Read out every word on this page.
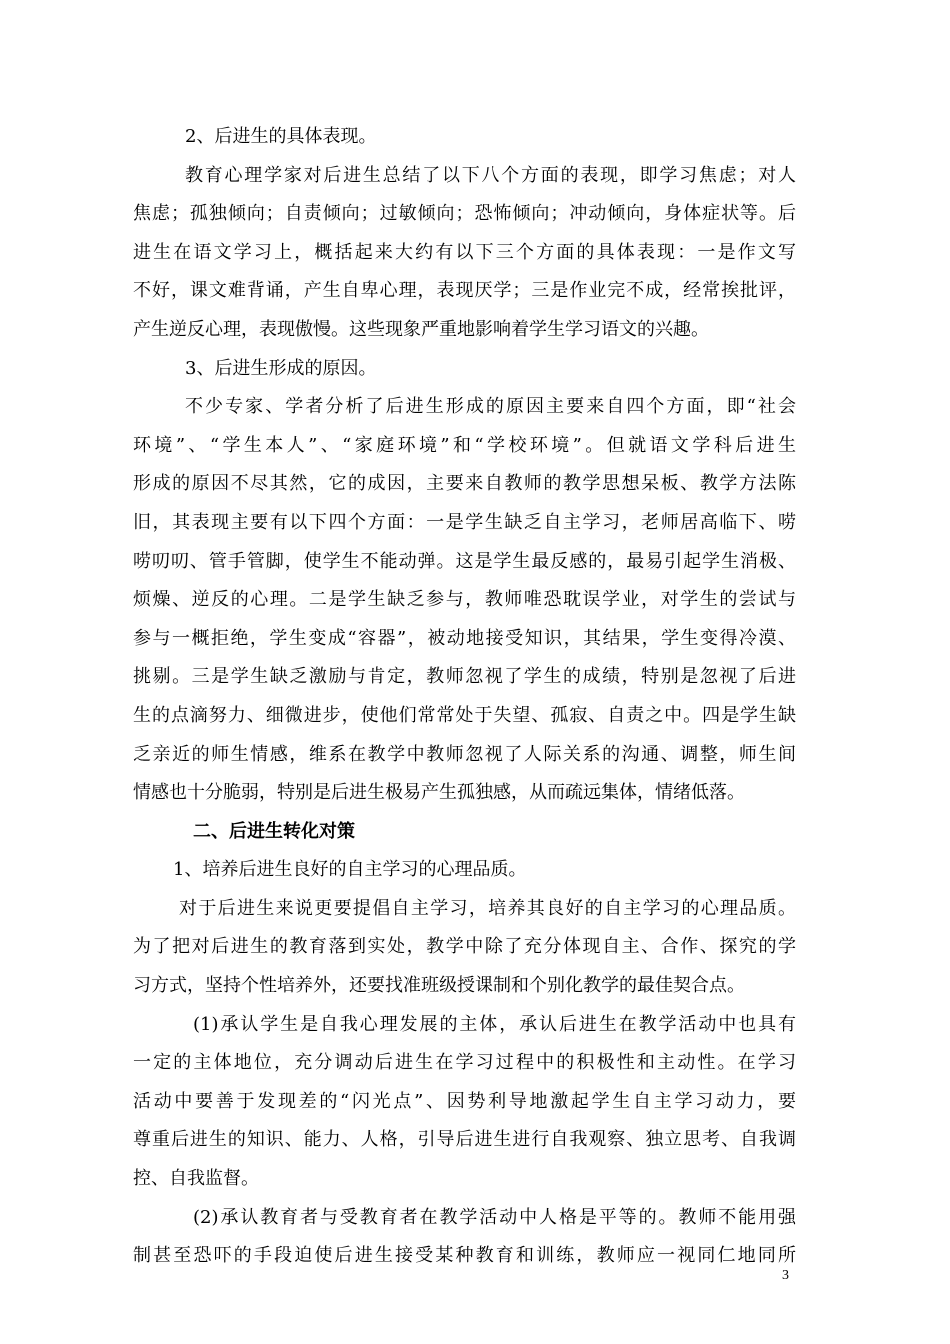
2、后进生的具体表现。
教育心理学家对后进生总结了以下八个方面的表现，即学习焦虑；对人
焦虑；孤独倾向；自责倾向；过敏倾向；恐怖倾向；冲动倾向，身体症状等。后
进生在语文学习上，概括起来大约有以下三个方面的具体表现：一是作文写
不好，课文难背诵，产生自卑心理，表现厌学；三是作业完不成，经常挨批评，
产生逆反心理，表现傲慢。这些现象严重地影响着学生学习语文的兴趣。
3、后进生形成的原因。
不少专家、学者分析了后进生形成的原因主要来自四个方面，即“社会
环境”、“学生本人”、“家庭环境”和“学校环境”。但就语文学科后进生
形成的原因不尽其然，它的成因，主要来自教师的教学思想呆板、教学方法陈
旧，其表现主要有以下四个方面：一是学生缺乏自主学习，老师居高临下、唠
唠叨叨、管手管脚，使学生不能动弹。这是学生最反感的，最易引起学生消极、
烦燥、逆反的心理。二是学生缺乏参与，教师唯恐耽误学业，对学生的尝试与
参与一概拒绝，学生变成“容器”，被动地接受知识，其结果，学生变得冷漠、
挑剔。三是学生缺乏激励与肯定，教师忽视了学生的成绩，特别是忽视了后进
生的点滴努力、细微进步，使他们常常处于失望、孤寂、自责之中。四是学生缺
乏亲近的师生情感，维系在教学中教师忽视了人际关系的沟通、调整，师生间
情感也十分脆弱，特别是后进生极易产生孤独感，从而疏远集体，情绪低落。
二、后进生转化对策
1、培养后进生良好的自主学习的心理品质。
对于后进生来说更要提倡自主学习，培养其良好的自主学习的心理品质。
为了把对后进生的教育落到实处，教学中除了充分体现自主、合作、探究的学
习方式，坚持个性培养外，还要找准班级授课制和个别化教学的最佳契合点。
(1)承认学生是自我心理发展的主体，承认后进生在教学活动中也具有
一定的主体地位，充分调动后进生在学习过程中的积极性和主动性。在学习
活动中要善于发现差的“闪光点”、因势利导地激起学生自主学习动力，要
尊重后进生的知识、能力、人格，引导后进生进行自我观察、独立思考、自我调
控、自我监督。
(2)承认教育者与受教育者在教学活动中人格是平等的。教师不能用强
制甚至恐吓的手段迫使后进生接受某种教育和训练，教师应一视同仁地同所
3
